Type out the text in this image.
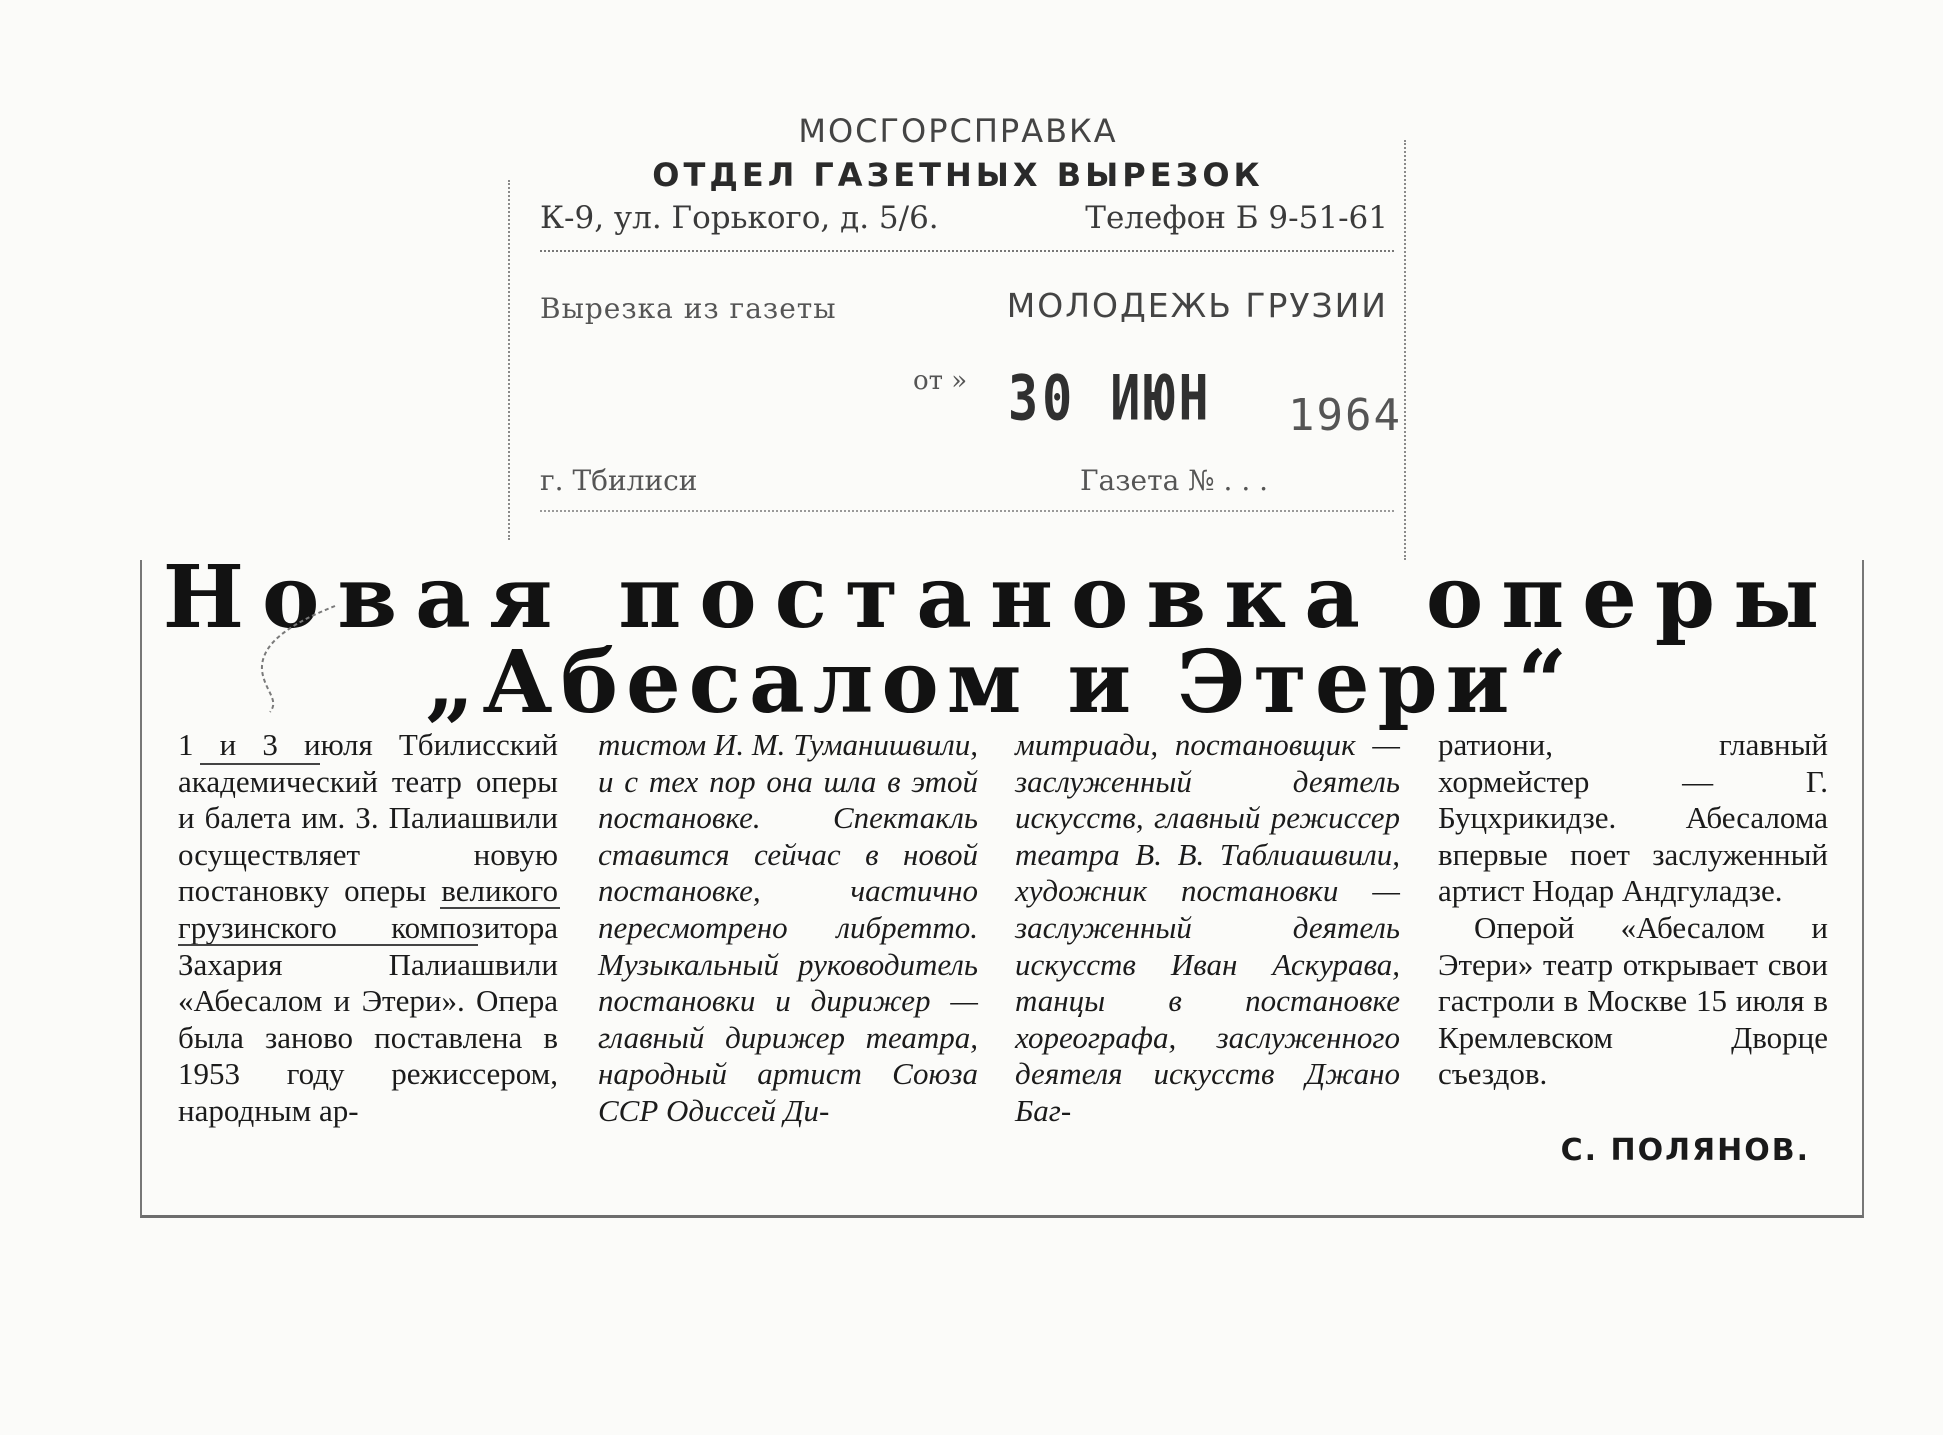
МОСГОРСПРАВКА
ОТДЕЛ ГАЗЕТНЫХ ВЫРЕЗОК
К-9, ул. Горького, д. 5/6.	Телефон Б 9-51-61
Вырезка из газеты	МОЛОДЕЖЬ ГРУЗИИ
от » 30 ИЮН 1964
г. Тбилиси	Газета № . . .
Новая постановка оперы
„Абесалом и Этери“

1 и 3 июля Тбилисский академический театр оперы и балета им. З. Палиашвили осуществляет новую постановку оперы великого грузинского композитора Захария Палиашвили «Абесалом и Этери». Опера была заново поставлена в 1953 году режиссером, народным ар-

тистом И. М. Туманишвили, и с тех пор она шла в этой постановке. Спектакль ставится сейчас в новой постановке, частично пересмотрено либретто. Музыкальный руководитель постановки и дирижер — главный дирижер театра, народный артист Союза ССР Одиссей Ди-

митриади, постановщик — заслуженный деятель искусств, главный режиссер театра В. В. Таблиашвили, художник постановки — заслуженный деятель искусств Иван Аскурава, танцы в постановке хореографа, заслуженного деятеля искусств Джано Баг-

ратиони, главный хормейстер — Г. Буцхрикидзе. Абесалома впервые поет заслуженный артист Нодар Андгуладзе.

Оперой «Абесалом и Этери» театр открывает свои гастроли в Москве 15 июля в Кремлевском Дворце съездов.

С. ПОЛЯНОВ.
